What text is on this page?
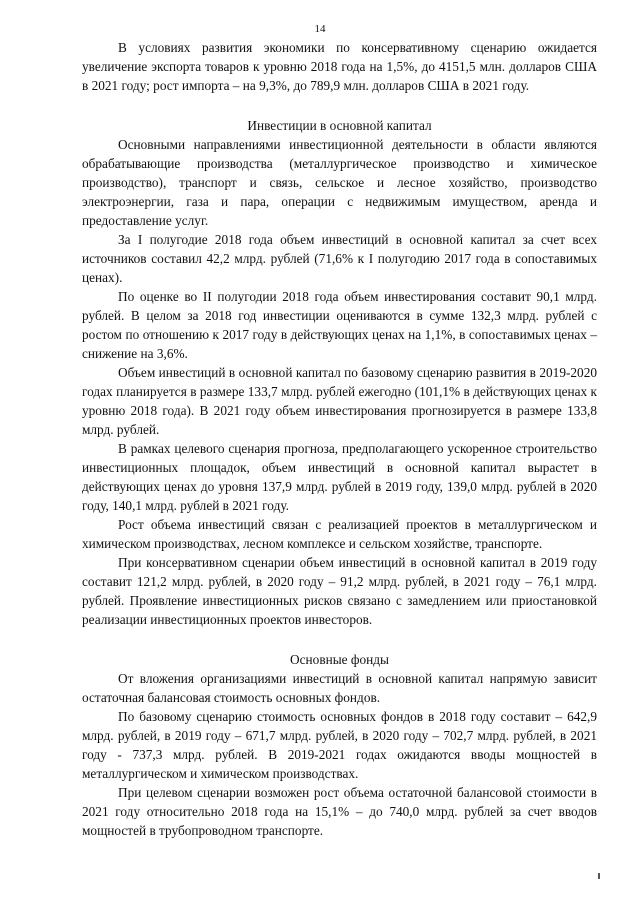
14

В условиях развития экономики по консервативному сценарию ожидается увеличение экспорта товаров к уровню 2018 года на 1,5%, до 4151,5 млн. долларов США в 2021 году; рост импорта – на 9,3%, до 789,9 млн. долларов США в 2021 году.

Инвестиции в основной капитал

Основными направлениями инвестиционной деятельности в области являются обрабатывающие производства (металлургическое производство и химическое производство), транспорт и связь, сельское и лесное хозяйство, производство электроэнергии, газа и пара, операции с недвижимым имуществом, аренда и предоставление услуг.

За I полугодие 2018 года объем инвестиций в основной капитал за счет всех источников составил 42,2 млрд. рублей (71,6% к I полугодию 2017 года в сопоставимых ценах).

По оценке во II полугодии 2018 года объем инвестирования составит 90,1 млрд. рублей. В целом за 2018 год инвестиции оцениваются в сумме 132,3 млрд. рублей с ростом по отношению к 2017 году в действующих ценах на 1,1%, в сопоставимых ценах – снижение на 3,6%.

Объем инвестиций в основной капитал по базовому сценарию развития в 2019-2020 годах планируется в размере 133,7 млрд. рублей ежегодно (101,1% в действующих ценах к уровню 2018 года). В 2021 году объем инвестирования прогнозируется в размере 133,8 млрд. рублей.

В рамках целевого сценария прогноза, предполагающего ускоренное строительство инвестиционных площадок, объем инвестиций в основной капитал вырастет в действующих ценах до уровня 137,9 млрд. рублей в 2019 году, 139,0 млрд. рублей в 2020 году, 140,1 млрд. рублей в 2021 году.

Рост объема инвестиций связан с реализацией проектов в металлургическом и химическом производствах, лесном комплексе и сельском хозяйстве, транспорте.

При консервативном сценарии объем инвестиций в основной капитал в 2019 году составит 121,2 млрд. рублей, в 2020 году – 91,2 млрд. рублей, в 2021 году – 76,1 млрд. рублей. Проявление инвестиционных рисков связано с замедлением или приостановкой реализации инвестиционных проектов инвесторов.

Основные фонды

От вложения организациями инвестиций в основной капитал напрямую зависит остаточная балансовая стоимость основных фондов.

По базовому сценарию стоимость основных фондов в 2018 году составит – 642,9 млрд. рублей, в 2019 году – 671,7 млрд. рублей, в 2020 году – 702,7 млрд. рублей, в 2021 году - 737,3 млрд. рублей. В 2019-2021 годах ожидаются вводы мощностей в металлургическом и химическом производствах.

При целевом сценарии возможен рост объема остаточной балансовой стоимости в 2021 году относительно 2018 года на 15,1% – до 740,0 млрд. рублей за счет вводов мощностей в трубопроводном транспорте.
